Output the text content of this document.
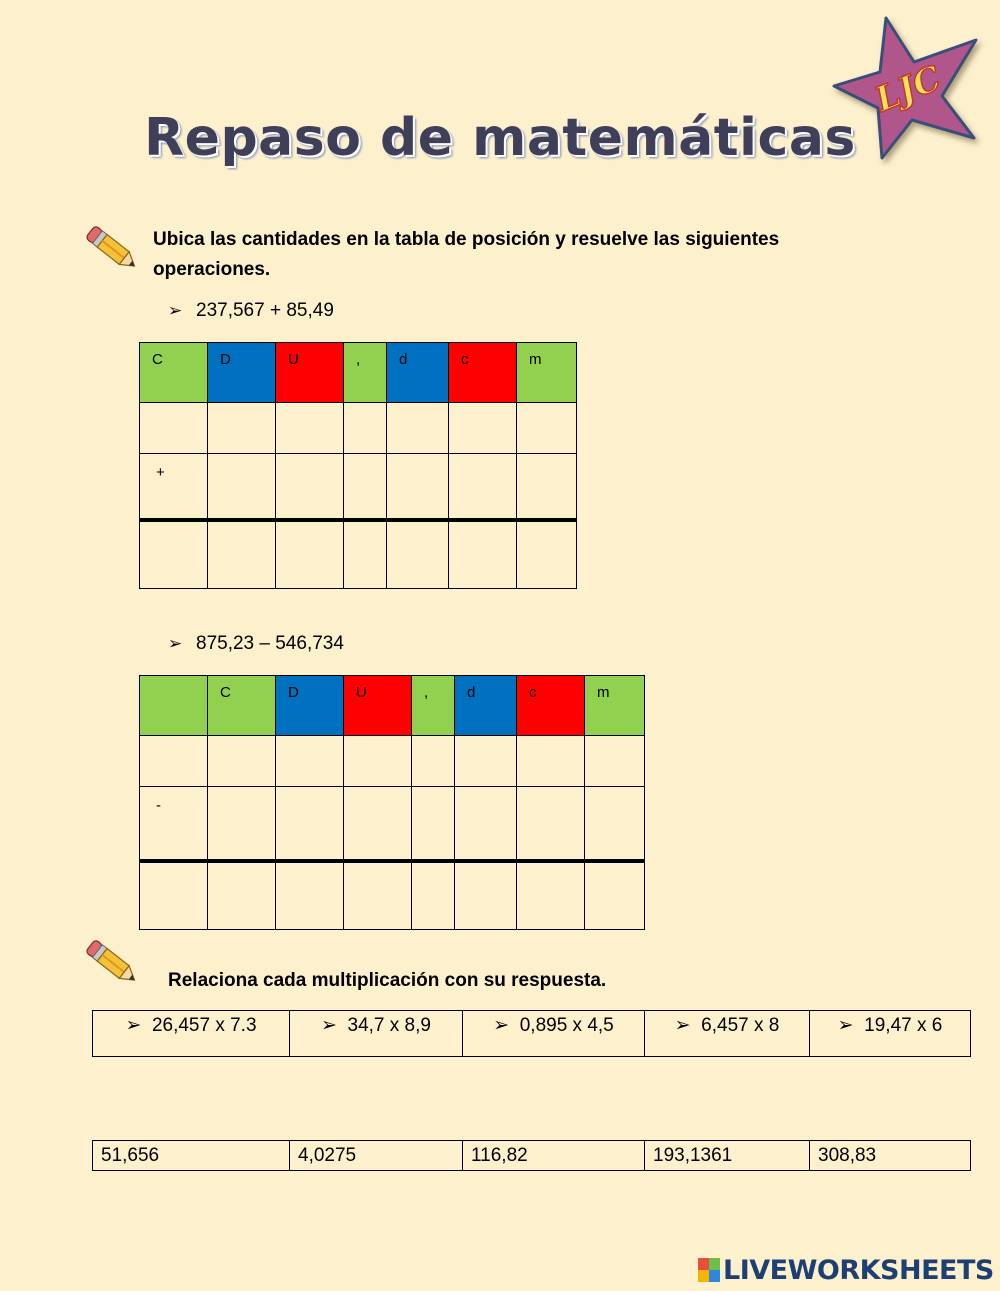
Repaso de matemáticas
LJC
Ubica las cantidades en la tabla de posición y resuelve las siguientes
operaciones.
➢ 237,567 + 85,49
C	D	U	,	d	c	m

+						

➢ 875,23 – 546,734
	C	D	U	,	d	c	m

-							

Relaciona cada multiplicación con su respuesta.
➢ 26,457 x 7.3	➢ 34,7 x 8,9	➢ 0,895 x 4,5	➢ 6,457 x 8	➢ 19,47 x 6
51,656	4,0275	116,82	193,1361	308,83
LIVEWORKSHEETS
